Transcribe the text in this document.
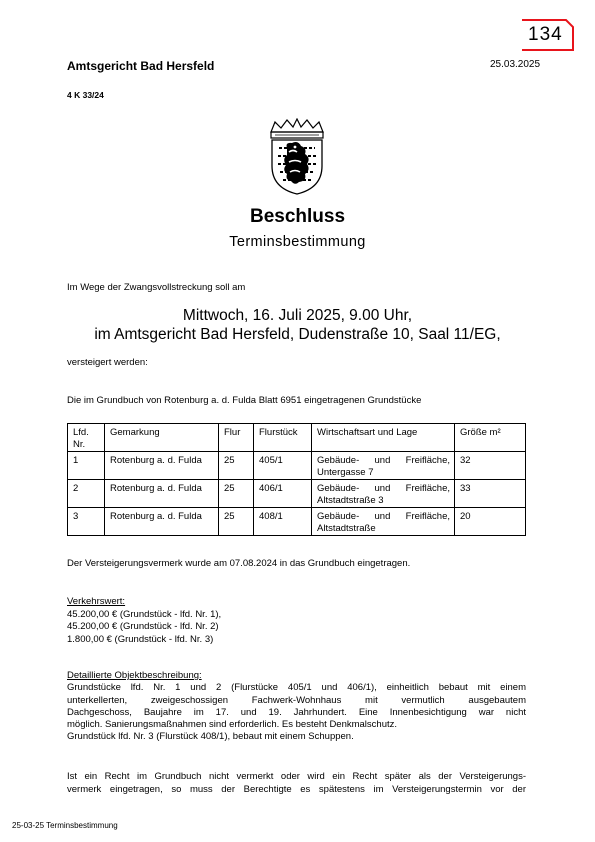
134
Amtsgericht Bad Hersfeld	25.03.2025
4 K 33/24
Beschluss
Terminsbestimmung
Im Wege der Zwangsvollstreckung soll am
Mittwoch, 16. Juli 2025, 9.00 Uhr,
im Amtsgericht Bad Hersfeld, Dudenstraße 10, Saal 11/EG,
versteigert werden:
Die im Grundbuch von Rotenburg a. d. Fulda Blatt 6951 eingetragenen Grundstücke
Lfd. Nr.	Gemarkung	Flur	Flurstück	Wirtschaftsart und Lage	Größe m²
1	Rotenburg a. d. Fulda	25	405/1	Gebäude- und Freifläche, Untergasse 7	32
2	Rotenburg a. d. Fulda	25	406/1	Gebäude- und Freifläche, Altstadtstraße 3	33
3	Rotenburg a. d. Fulda	25	408/1	Gebäude- und Freifläche, Altstadtstraße	20
Der Versteigerungsvermerk wurde am 07.08.2024 in das Grundbuch eingetragen.
Verkehrswert:
45.200,00 € (Grundstück - lfd. Nr. 1),
45.200,00 € (Grundstück - lfd. Nr. 2)
1.800,00 € (Grundstück - lfd. Nr. 3)
Detaillierte Objektbeschreibung:
Grundstücke lfd. Nr. 1 und 2 (Flurstücke 405/1 und 406/1), einheitlich bebaut mit einem
unterkellerten, zweigeschossigen Fachwerk-Wohnhaus mit vermutlich ausgebautem
Dachgeschoss, Baujahre im 17. und 19. Jahrhundert. Eine Innenbesichtigung war nicht
möglich. Sanierungsmaßnahmen sind erforderlich. Es besteht Denkmalschutz.
Grundstück lfd. Nr. 3 (Flurstück 408/1), bebaut mit einem Schuppen.
Ist ein Recht im Grundbuch nicht vermerkt oder wird ein Recht später als der Versteigerungs-
vermerk eingetragen, so muss der Berechtigte es spätestens im Versteigerungstermin vor der
25-03-25 Terminsbestimmung
